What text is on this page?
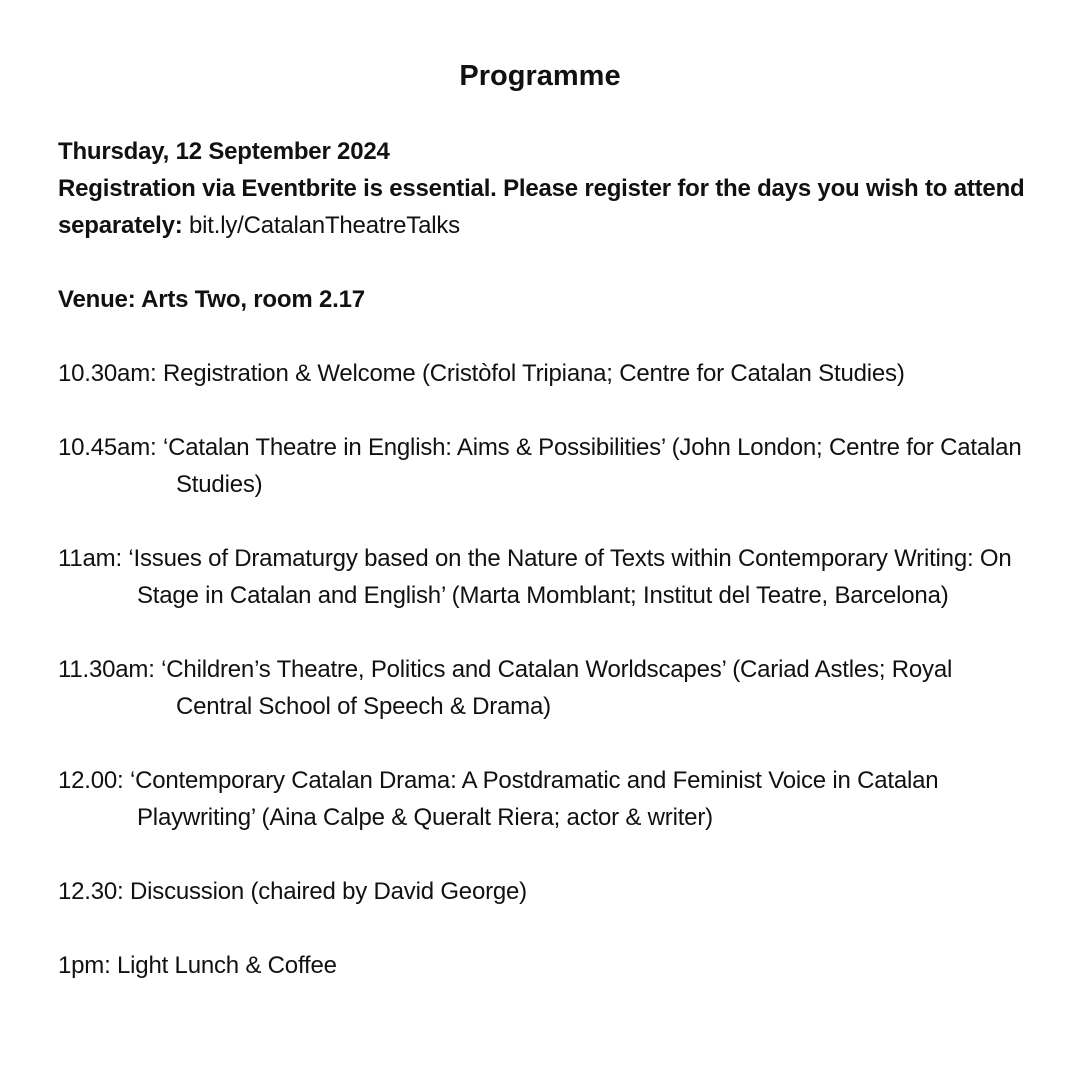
Programme
Thursday, 12 September 2024
Registration via Eventbrite is essential. Please register for the days you wish to attend separately: bit.ly/CatalanTheatreTalks
Venue: Arts Two, room 2.17
10.30am: Registration & Welcome (Cristòfol Tripiana; Centre for Catalan Studies)
10.45am: ‘Catalan Theatre in English: Aims & Possibilities’ (John London; Centre for Catalan Studies)
11am: ‘Issues of Dramaturgy based on the Nature of Texts within Contemporary Writing: On Stage in Catalan and English’ (Marta Momblant; Institut del Teatre, Barcelona)
11.30am: ‘Children’s Theatre, Politics and Catalan Worldscapes’ (Cariad Astles; Royal Central School of Speech & Drama)
12.00: ‘Contemporary Catalan Drama: A Postdramatic and Feminist Voice in Catalan Playwriting’ (Aina Calpe & Queralt Riera; actor & writer)
12.30: Discussion (chaired by David George)
1pm: Light Lunch & Coffee
